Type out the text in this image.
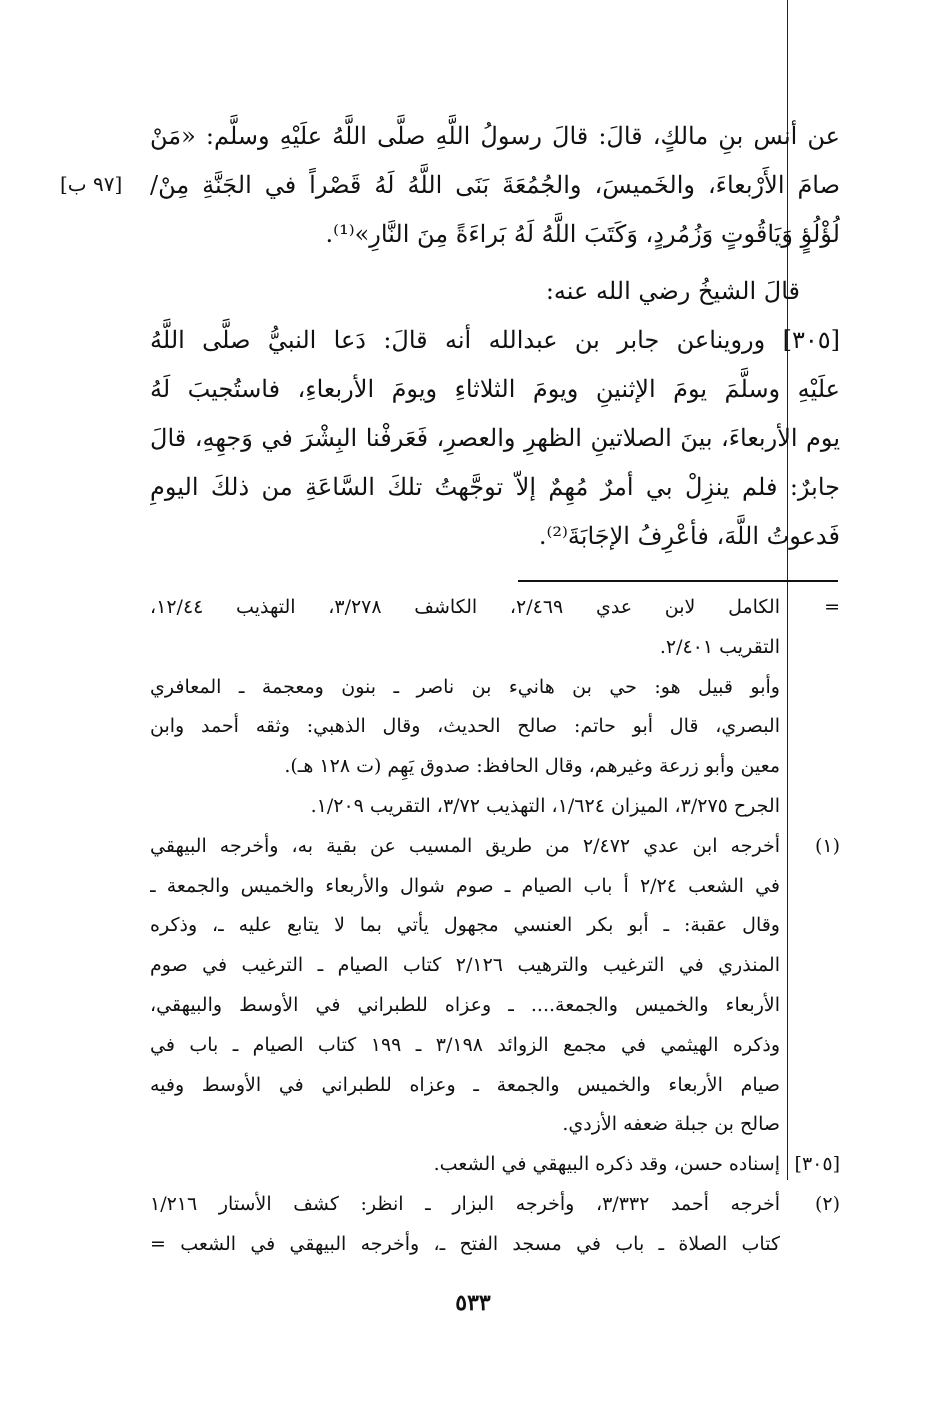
[٩٧ ب]

عن أنس بنِ مالكٍ، قالَ: قالَ رسولُ اللَّهِ صلَّى اللَّهُ علَيْهِ وسلَّم: «مَنْ
صامَ الأَرْبعاءَ، والخَميسَ، والجُمُعَةَ بَنَى اللَّهُ لَهُ قَصْراً في الجَنَّةِ مِنْ/
لُؤْلُؤٍ وَيَاقُوتٍ وَزُمُردٍ، وَكَتَبَ اللَّهُ لَهُ بَراءَةً مِنَ النَّارِ»⁽¹⁾.

قالَ الشيخُ رضي الله عنه:

[٣٠٥] ورويناعن جابر بن عبدالله أنه قالَ: دَعا النبيُّ صلَّى اللَّهُ
علَيْهِ وسلَّمَ يومَ الإثنينِ ويومَ الثلاثاءِ ويومَ الأربعاءِ، فاستُجيبَ لَهُ
يوم الأربعاءَ، بينَ الصلاتينِ الظهرِ والعصرِ، فَعَرفْنا البِشْرَ في وَجهِهِ، قالَ
جابرٌ: فلم ينزِلْ بي أمرٌ مُهِمٌ إلاّ توجَّهتُ تلكَ السَّاعَةِ من ذلكَ اليومِ
فَدعوتُ اللَّهَ، فأعْرِفُ الإجَابَةَ⁽²⁾.

=
الكامل لابن عدي ٢/٤٦٩، الكاشف ٣/٢٧٨، التهذيب ١٢/٤٤،
التقريب ٢/٤٠١.
وأبو قبيل هو: حي بن هانيء بن ناصر ـ بنون ومعجمة ـ المعافري
البصري، قال أبو حاتم: صالح الحديث، وقال الذهبي: وثقه أحمد وابن
معين وأبو زرعة وغيرهم، وقال الحافظ: صدوق يَهِم (ت ١٢٨ هـ).
الجرح ٣/٢٧٥، الميزان ١/٦٢٤، التهذيب ٣/٧٢، التقريب ١/٢٠٩.
(١)
أخرجه ابن عدي ٢/٤٧٢ من طريق المسيب عن بقية به، وأخرجه البيهقي
في الشعب ٢/٢٤ أ باب الصيام ـ صوم شوال والأربعاء والخميس والجمعة ـ
وقال عقبة: ـ أبو بكر العنسي مجهول يأتي بما لا يتابع عليه ـ، وذكره
المنذري في الترغيب والترهيب ٢/١٢٦ كتاب الصيام ـ الترغيب في صوم
الأربعاء والخميس والجمعة.... ـ وعزاه للطبراني في الأوسط والبيهقي،
وذكره الهيثمي في مجمع الزوائد ٣/١٩٨ ـ ١٩٩ كتاب الصيام ـ باب في
صيام الأربعاء والخميس والجمعة ـ وعزاه للطبراني في الأوسط وفيه
صالح بن جبلة ضعفه الأزدي.
[٣٠٥]
إسناده حسن، وقد ذكره البيهقي في الشعب.
(٢)
أخرجه أحمد ٣/٣٣٢، وأخرجه البزار ـ انظر: كشف الأستار ١/٢١٦
كتاب الصلاة ـ باب في مسجد الفتح ـ، وأخرجه البيهقي في الشعب =
٥٣٣
